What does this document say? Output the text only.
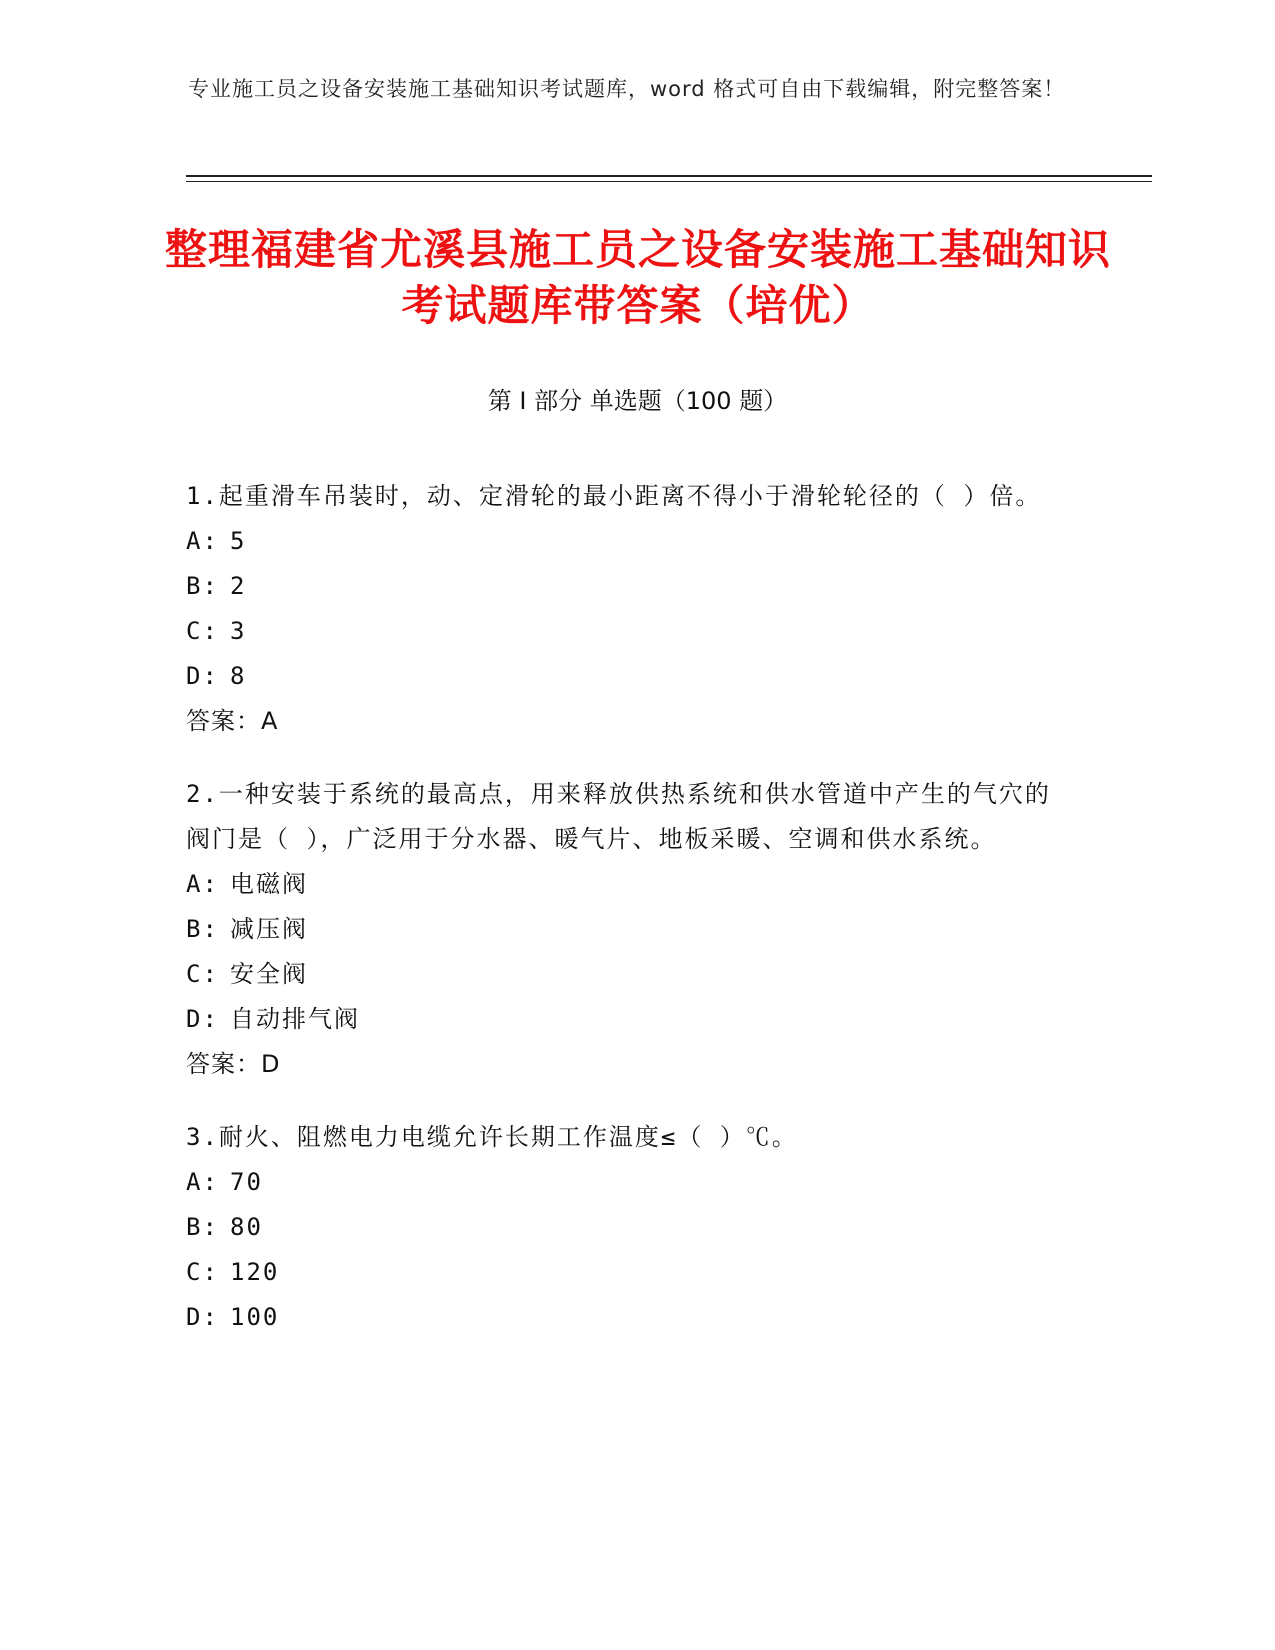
专业施工员之设备安装施工基础知识考试题库，word 格式可自由下载编辑，附完整答案！
整理福建省尤溪县施工员之设备安装施工基础知识考试题库带答案（培优）
第 I 部分 单选题（100 题）

1.起重滑车吊装时，动、定滑轮的最小距离不得小于滑轮轮径的（ ）倍。

A: 5

B: 2

C: 3

D: 8

答案：A

2.一种安装于系统的最高点，用来释放供热系统和供水管道中产生的气穴的阀门是（ ），广泛用于分水器、暖气片、地板采暖、空调和供水系统。

A: 电磁阀

B: 减压阀

C: 安全阀

D: 自动排气阀

答案：D

3.耐火、阻燃电力电缆允许长期工作温度≤（ ）℃。

A: 70

B: 80

C: 120

D: 100
